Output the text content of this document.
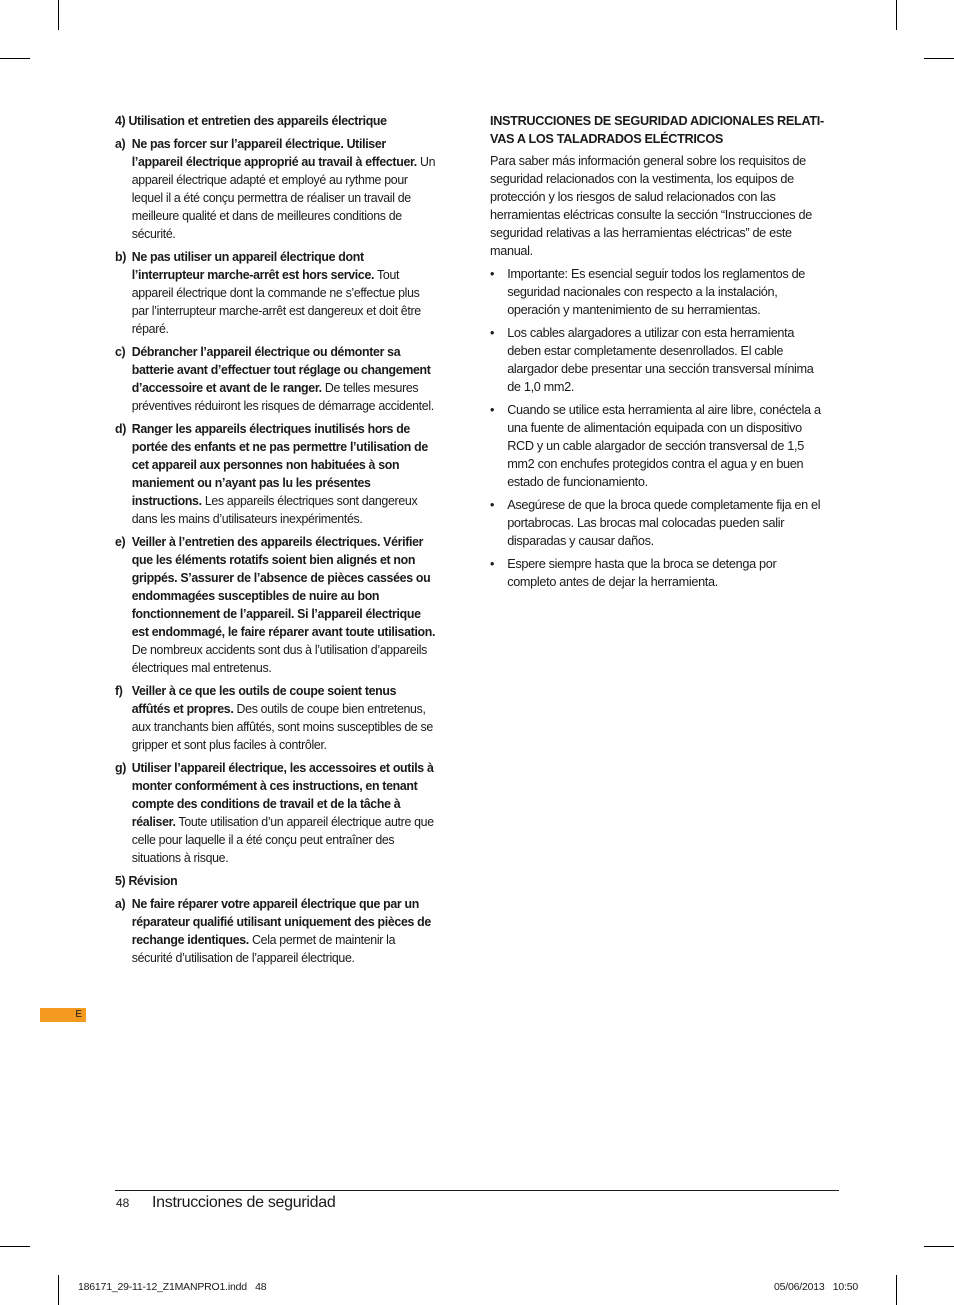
4) Utilisation et entretien des appareils électrique
a) Ne pas forcer sur l’appareil électrique. Utiliser l’appareil électrique approprié au travail à effectuer. Un appareil électrique adapté et employé au rythme pour lequel il a été conçu permettra de réaliser un travail de meilleure qualité et dans de meilleures conditions de sécurité.
b) Ne pas utiliser un appareil électrique dont l’interrupteur marche-arrêt est hors service. Tout appareil électrique dont la commande ne s’effectue plus par l’interrupteur marche-arrêt est dangereux et doit être réparé.
c) Débrancher l’appareil électrique ou démonter sa batterie avant d’effectuer tout réglage ou changement d’accessoire et avant de le ranger. De telles mesures préventives réduiront les risques de démarrage accidentel.
d) Ranger les appareils électriques inutilisés hors de portée des enfants et ne pas permettre l’utilisation de cet appareil aux personnes non habituées à son maniement ou n’ayant pas lu les présentes instructions. Les appareils électriques sont dangereux dans les mains d’utilisateurs inexpérimentés.
e) Veiller à l’entretien des appareils électriques. Vérifier que les éléments rotatifs soient bien alignés et non grippés. S’assurer de l’absence de pièces cassées ou endommagées susceptibles de nuire au bon fonctionnement de l’appareil. Si l’appareil électrique est endommagé, le faire réparer avant toute utilisation. De nombreux accidents sont dus à l’utilisation d’appareils électriques mal entretenus.
f) Veiller à ce que les outils de coupe soient tenus affûtés et propres. Des outils de coupe bien entretenus, aux tranchants bien affûtés, sont moins susceptibles de se gripper et sont plus faciles à contrôler.
g) Utiliser l’appareil électrique, les accessoires et outils à monter conformément à ces instructions, en tenant compte des conditions de travail et de la tâche à réaliser. Toute utilisation d’un appareil électrique autre que celle pour laquelle il a été conçu peut entraîner des situations à risque.
5) Révision
a) Ne faire réparer votre appareil électrique que par un réparateur qualifié utilisant uniquement des pièces de rechange identiques. Cela permet de maintenir la sécurité d’utilisation de l’appareil électrique.
INSTRUCCIONES DE SEGURIDAD ADICIONALES RELATI-VAS A LOS TALADRADOS ELÉCTRICOS
Para saber más información general sobre los requisitos de seguridad relacionados con la vestimenta, los equipos de protección y los riesgos de salud relacionados con las herramientas eléctricas consulte la sección “Instrucciones de seguridad relativas a las herramientas eléctricas” de este manual.
• Importante: Es esencial seguir todos los reglamentos de seguridad nacionales con respecto a la instalación, operación y mantenimiento de su herramientas.
• Los cables alargadores a utilizar con esta herramienta deben estar completamente desenrollados. El cable alargador debe presentar una sección transversal mínima de 1,0 mm2.
• Cuando se utilice esta herramienta al aire libre, conéctela a una fuente de alimentación equipada con un dispositivo RCD y un cable alargador de sección transversal de 1,5 mm2 con enchufes protegidos contra el agua y en buen estado de funcionamiento.
• Asegúrese de que la broca quede completamente fija en el portabrocas. Las brocas mal colocadas pueden salir disparadas y causar daños.
• Espere siempre hasta que la broca se detenga por completo antes de dejar la herramienta.
E
48 Instrucciones de seguridad
186171_29-11-12_Z1MANPRO1.indd   48	05/06/2013   10:50
